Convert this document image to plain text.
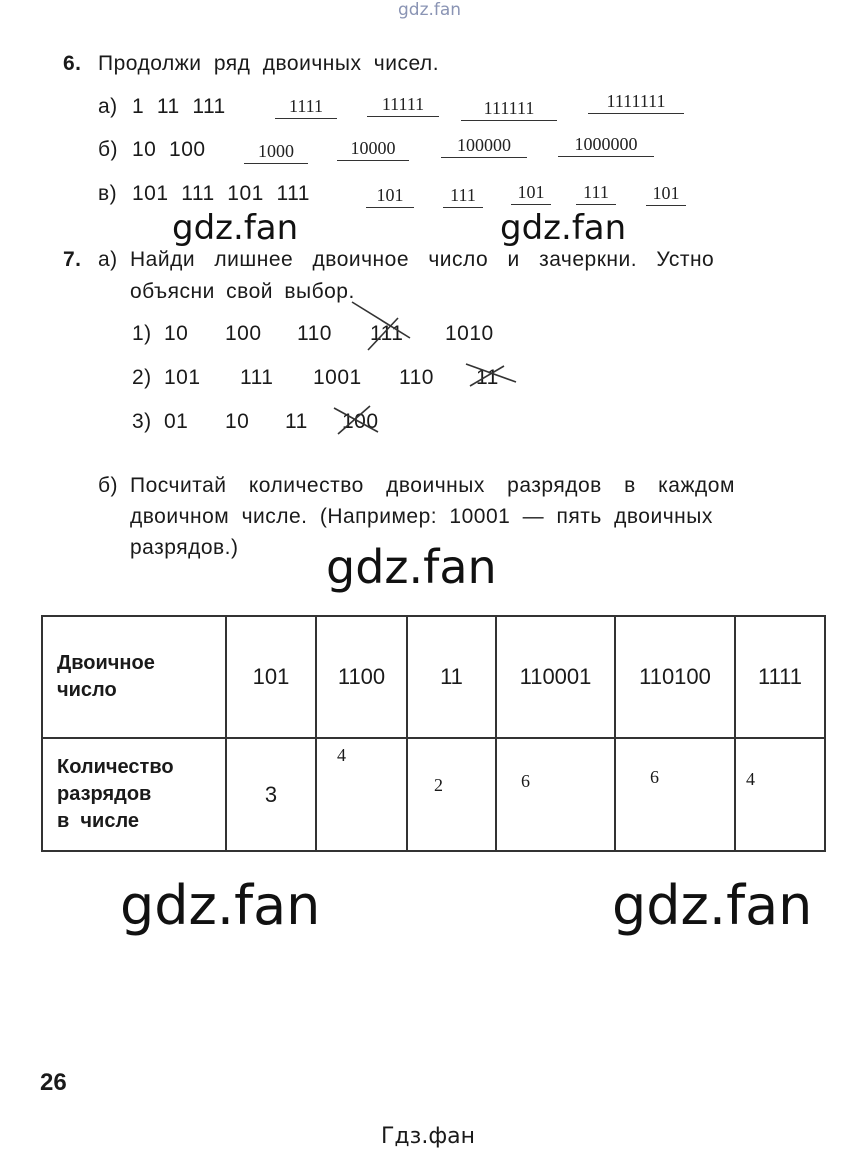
gdz.fan
6. Продолжи ряд двоичных чисел.
а) 1  11  111	1111	11111	111111	1111111
б) 10  100	1000	10000	100000	1000000
в) 101  111  101  111	101	111	101	111	101
gdz.fan	gdz.fan
7. а) Найди лишнее двоичное число и зачеркни. Устно
объясни свой выбор.
1) 10 100 110 111 1010
2) 101 111 1001 110 11
3) 01 10 11 100
б) Посчитай количество двоичных разрядов в каждом
двоичном числе. (Например: 10001 — пять двоичных
разрядов.) gdz.fan
Двоичное
число	101	1100	11	110001	110100	1111

Количество
разрядов
в  числе	3	4	2	6	6	4
gdz.fan	gdz.fan
26
Гдз.фан
